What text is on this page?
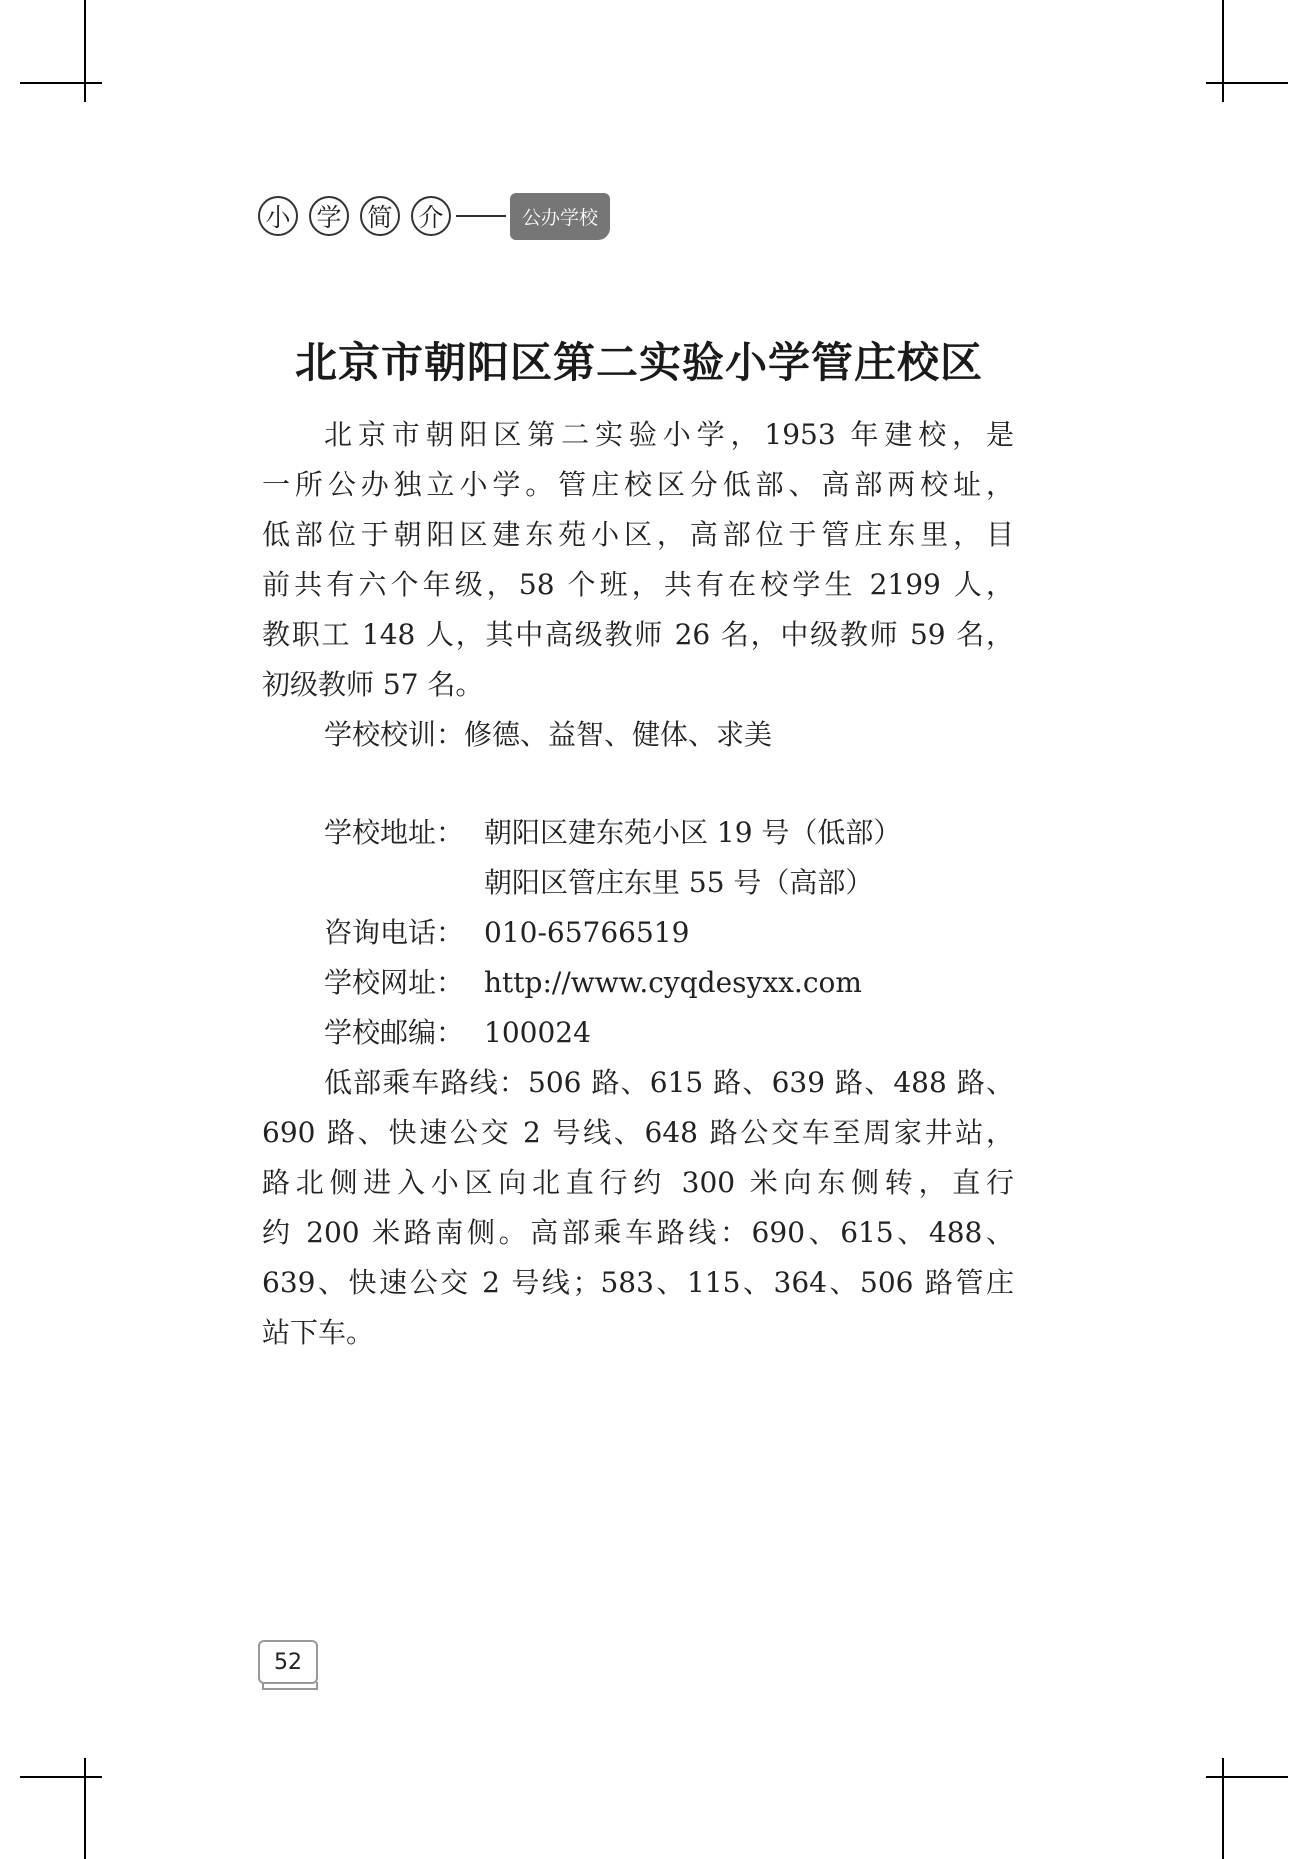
小	学	简	介	公办学校
北京市朝阳区第二实验小学管庄校区
北京市朝阳区第二实验小学，1953 年建校，是
一所公办独立小学。管庄校区分低部、高部两校址，
低部位于朝阳区建东苑小区，高部位于管庄东里，目
前共有六个年级，58 个班，共有在校学生 2199 人，
教职工 148 人，其中高级教师 26 名，中级教师 59 名，
初级教师 57 名。
学校校训：修德、益智、健体、求美
学校地址： 朝阳区建东苑小区 19 号（低部）
朝阳区管庄东里 55 号（高部）
咨询电话： 010-65766519
学校网址： http://www.cyqdesyxx.com
学校邮编： 100024
低部乘车路线：506 路、615 路、639 路、488 路、
690 路、快速公交 2 号线、648 路公交车至周家井站，
路北侧进入小区向北直行约 300 米向东侧转，直行
约 200 米路南侧。高部乘车路线：690、615、488、
639、快速公交 2 号线；583、115、364、506 路管庄
站下车。
52
